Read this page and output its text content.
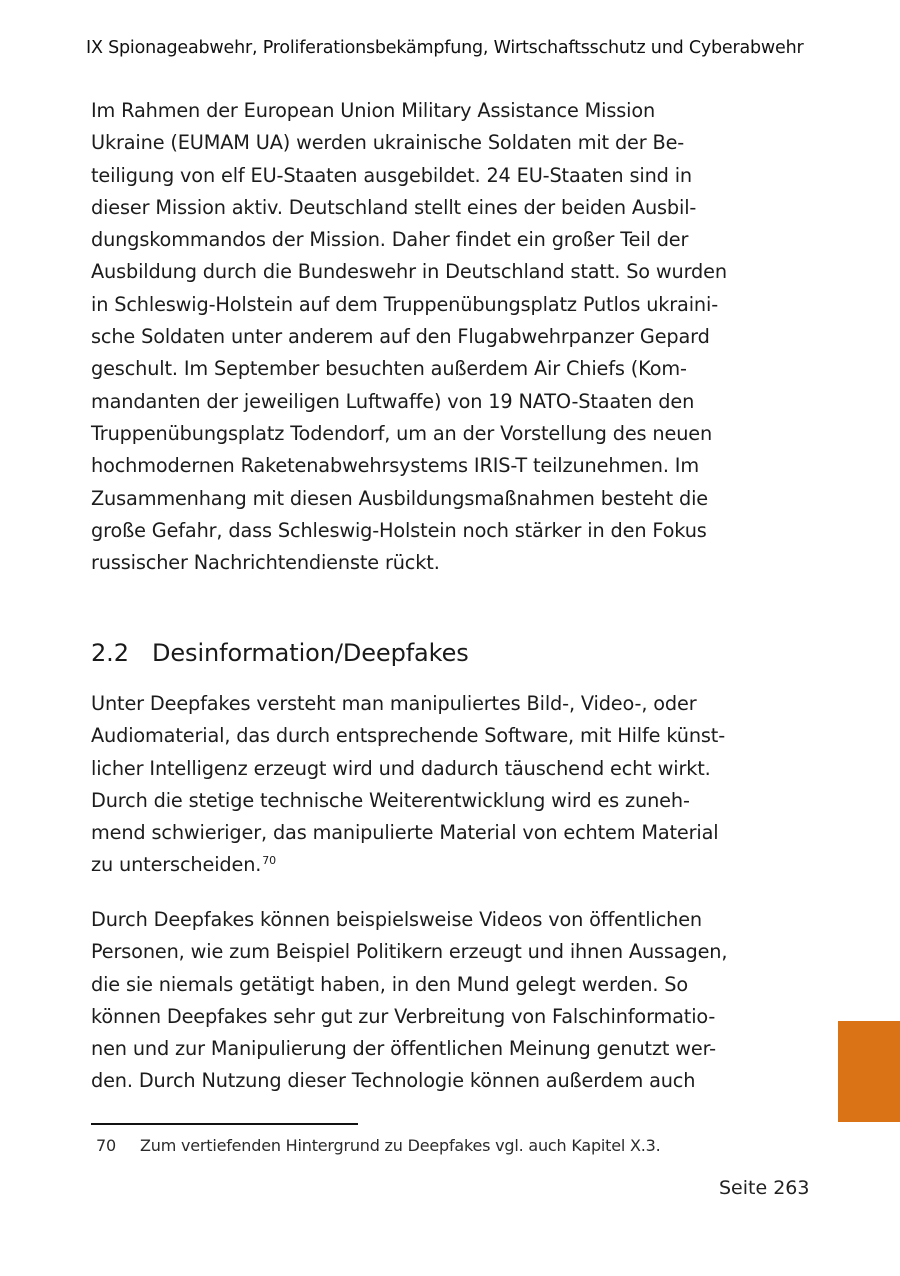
IX Spionageabwehr, Proliferationsbekämpfung, Wirtschaftsschutz und Cyberabwehr
Im Rahmen der European Union Military Assistance Mission
Ukraine (EUMAM UA) werden ukrainische Soldaten mit der Be-
teiligung von elf EU-Staaten ausgebildet. 24 EU-Staaten sind in
dieser Mission aktiv. Deutschland stellt eines der beiden Ausbil-
dungskommandos der Mission. Daher findet ein großer Teil der
Ausbildung durch die Bundeswehr in Deutschland statt. So wurden
in Schleswig-Holstein auf dem Truppenübungsplatz Putlos ukraini-
sche Soldaten unter anderem auf den Flugabwehrpanzer Gepard
geschult. Im September besuchten außerdem Air Chiefs (Kom-
mandanten der jeweiligen Luftwaffe) von 19 NATO-Staaten den
Truppenübungsplatz Todendorf, um an der Vorstellung des neuen
hochmodernen Raketenabwehrsystems IRIS-T teilzunehmen. Im
Zusammenhang mit diesen Ausbildungsmaßnahmen besteht die
große Gefahr, dass Schleswig-Holstein noch stärker in den Fokus
russischer Nachrichtendienste rückt.
2.2 Desinformation/Deepfakes
Unter Deepfakes versteht man manipuliertes Bild-, Video-, oder
Audiomaterial, das durch entsprechende Software, mit Hilfe künst-
licher Intelligenz erzeugt wird und dadurch täuschend echt wirkt.
Durch die stetige technische Weiterentwicklung wird es zuneh-
mend schwieriger, das manipulierte Material von echtem Material
zu unterscheiden.$^{70}$
Durch Deepfakes können beispielsweise Videos von öffentlichen
Personen, wie zum Beispiel Politikern erzeugt und ihnen Aussagen,
die sie niemals getätigt haben, in den Mund gelegt werden. So
können Deepfakes sehr gut zur Verbreitung von Falschinformatio-
nen und zur Manipulierung der öffentlichen Meinung genutzt wer-
den. Durch Nutzung dieser Technologie können außerdem auch
70 Zum vertiefenden Hintergrund zu Deepfakes vgl. auch Kapitel X.3.
Seite 263
